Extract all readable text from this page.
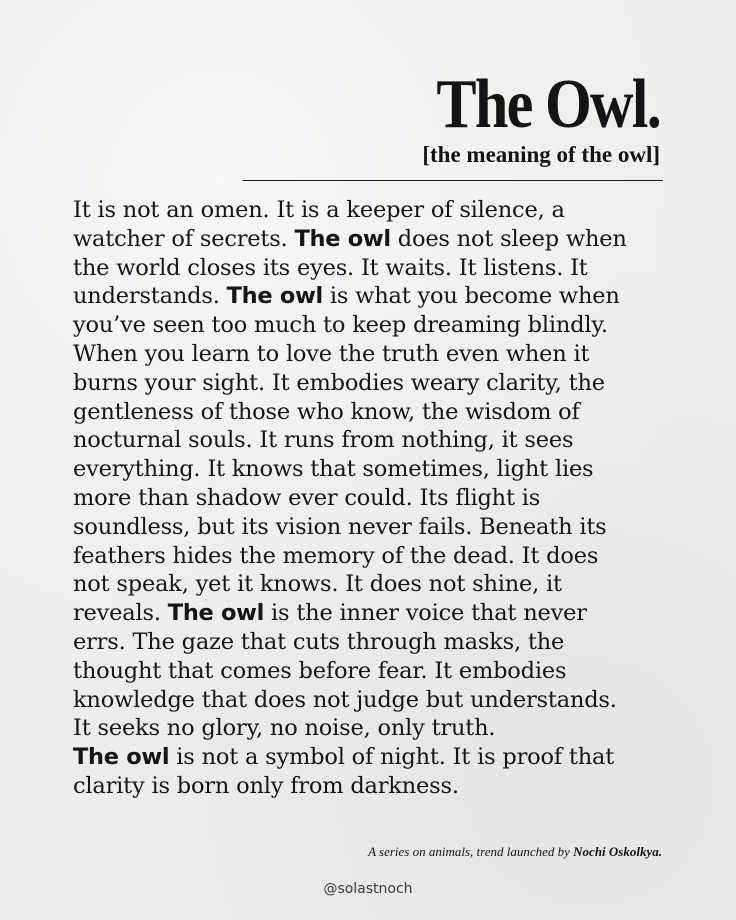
The Owl.
[the meaning of the owl]
It is not an omen. It is a keeper of silence, a
watcher of secrets. The owl does not sleep when
the world closes its eyes. It waits. It listens. It
understands. The owl is what you become when
you’ve seen too much to keep dreaming blindly.
When you learn to love the truth even when it
burns your sight. It embodies weary clarity, the
gentleness of those who know, the wisdom of
nocturnal souls. It runs from nothing, it sees
everything. It knows that sometimes, light lies
more than shadow ever could. Its flight is
soundless, but its vision never fails. Beneath its
feathers hides the memory of the dead. It does
not speak, yet it knows. It does not shine, it
reveals. The owl is the inner voice that never
errs. The gaze that cuts through masks, the
thought that comes before fear. It embodies
knowledge that does not judge but understands.
It seeks no glory, no noise, only truth.
The owl is not a symbol of night. It is proof that
clarity is born only from darkness.
A series on animals, trend launched by Nochi Oskolkya.
@solastnoch
